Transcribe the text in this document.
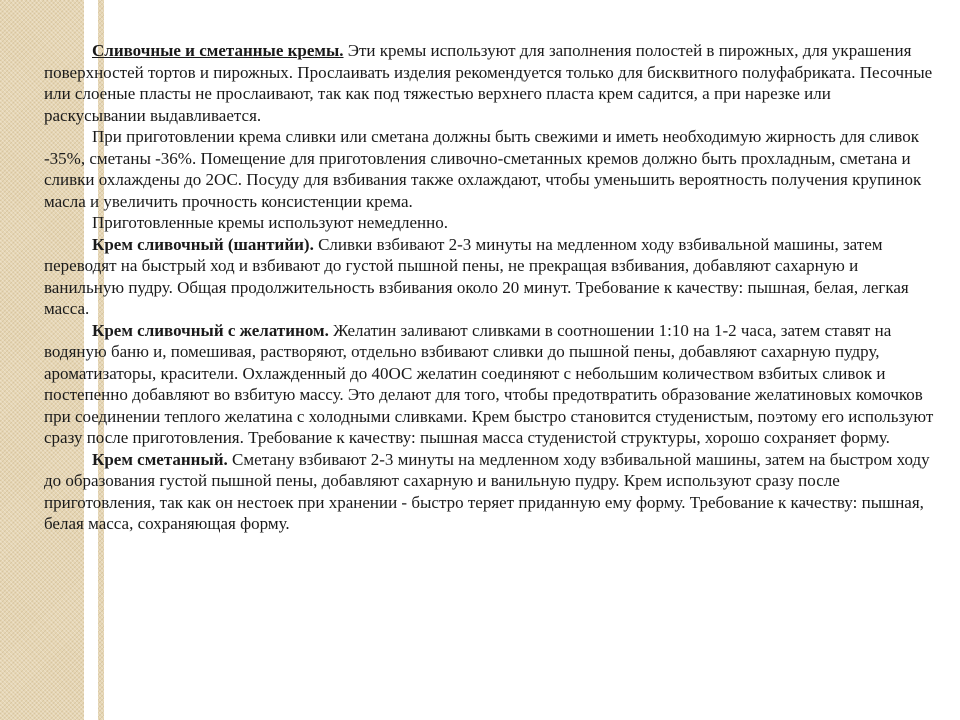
Сливочные и сметанные кремы. Эти кремы используют для заполнения полостей в пирожных, для украшения поверхностей тортов и пирожных. Прослаивать изделия рекомендуется только для бисквитного полуфабриката. Песочные или слоеные пласты не прослаивают, так как под тяжестью верхнего пласта крем садится, а при нарезке или раскусывании выдавливается.

При приготовлении крема сливки или сметана должны быть свежими и иметь необходимую жирность для сливок -35%, сметаны -36%. Помещение для приготовления сливочно-сметанных кремов должно быть прохладным, сметана и сливки охлаждены до 2ОС. Посуду для взбивания также охлаждают, чтобы уменьшить вероятность получения крупинок масла и увеличить прочность консистенции крема.

Приготовленные кремы используют немедленно.

Крем сливочный (шантийи). Сливки взбивают 2-3 минуты на медленном ходу взбивальной машины, затем переводят на быстрый ход и взбивают до густой пышной пены, не прекращая взбивания, добавляют сахарную и ванильную пудру. Общая продолжительность взбивания около 20 минут. Требование к качеству: пышная, белая, легкая масса.

Крем сливочный с желатином. Желатин заливают сливками в соотношении 1:10 на 1-2 часа, затем ставят на водяную баню и, помешивая, растворяют, отдельно взбивают сливки до пышной пены, добавляют сахарную пудру, ароматизаторы, красители. Охлажденный до 40ОС желатин соединяют с небольшим количеством взбитых сливок и постепенно добавляют во взбитую массу. Это делают для того, чтобы предотвратить образование желатиновых комочков при соединении теплого желатина с холодными сливками. Крем быстро становится студенистым, поэтому его используют сразу после приготовления. Требование к качеству: пышная масса студенистой структуры, хорошо сохраняет форму.

Крем сметанный. Сметану взбивают 2-3 минуты на медленном ходу взбивальной машины, затем на быстром ходу до образования густой пышной пены, добавляют сахарную и ванильную пудру. Крем используют сразу после приготовления, так как он нестоек при хранении - быстро теряет приданную ему форму. Требование к качеству: пышная, белая масса, сохраняющая форму.
